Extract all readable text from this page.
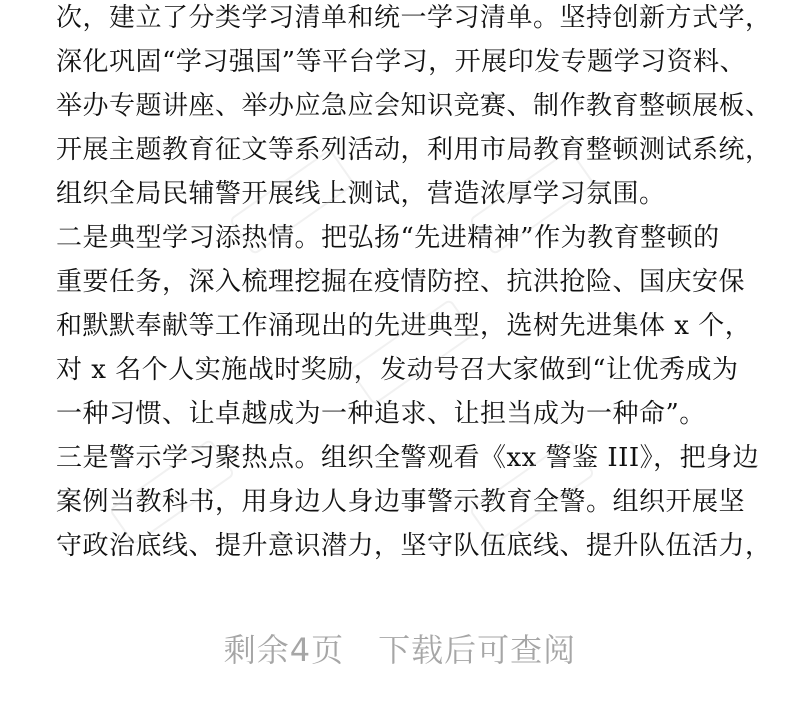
次，建立了分类学习清单和统一学习清单。坚持创新方式学，
深化巩固“学习强国”等平台学习，开展印发专题学习资料、
举办专题讲座、举办应急应会知识竞赛、制作教育整顿展板、
开展主题教育征文等系列活动，利用市局教育整顿测试系统，
组织全局民辅警开展线上测试，营造浓厚学习氛围。
二是典型学习添热情。把弘扬“先进精神”作为教育整顿的
重要任务，深入梳理挖掘在疫情防控、抗洪抢险、国庆安保
和默默奉献等工作涌现出的先进典型，选树先进集体 x 个，
对 x 名个人实施战时奖励，发动号召大家做到“让优秀成为
一种习惯、让卓越成为一种追求、让担当成为一种命”。
三是警示学习聚热点。组织全警观看《xx 警鉴 III》，把身边
案例当教科书，用身边人身边事警示教育全警。组织开展坚
守政治底线、提升意识潜力，坚守队伍底线、提升队伍活力，
剩余4页 下载后可查阅
